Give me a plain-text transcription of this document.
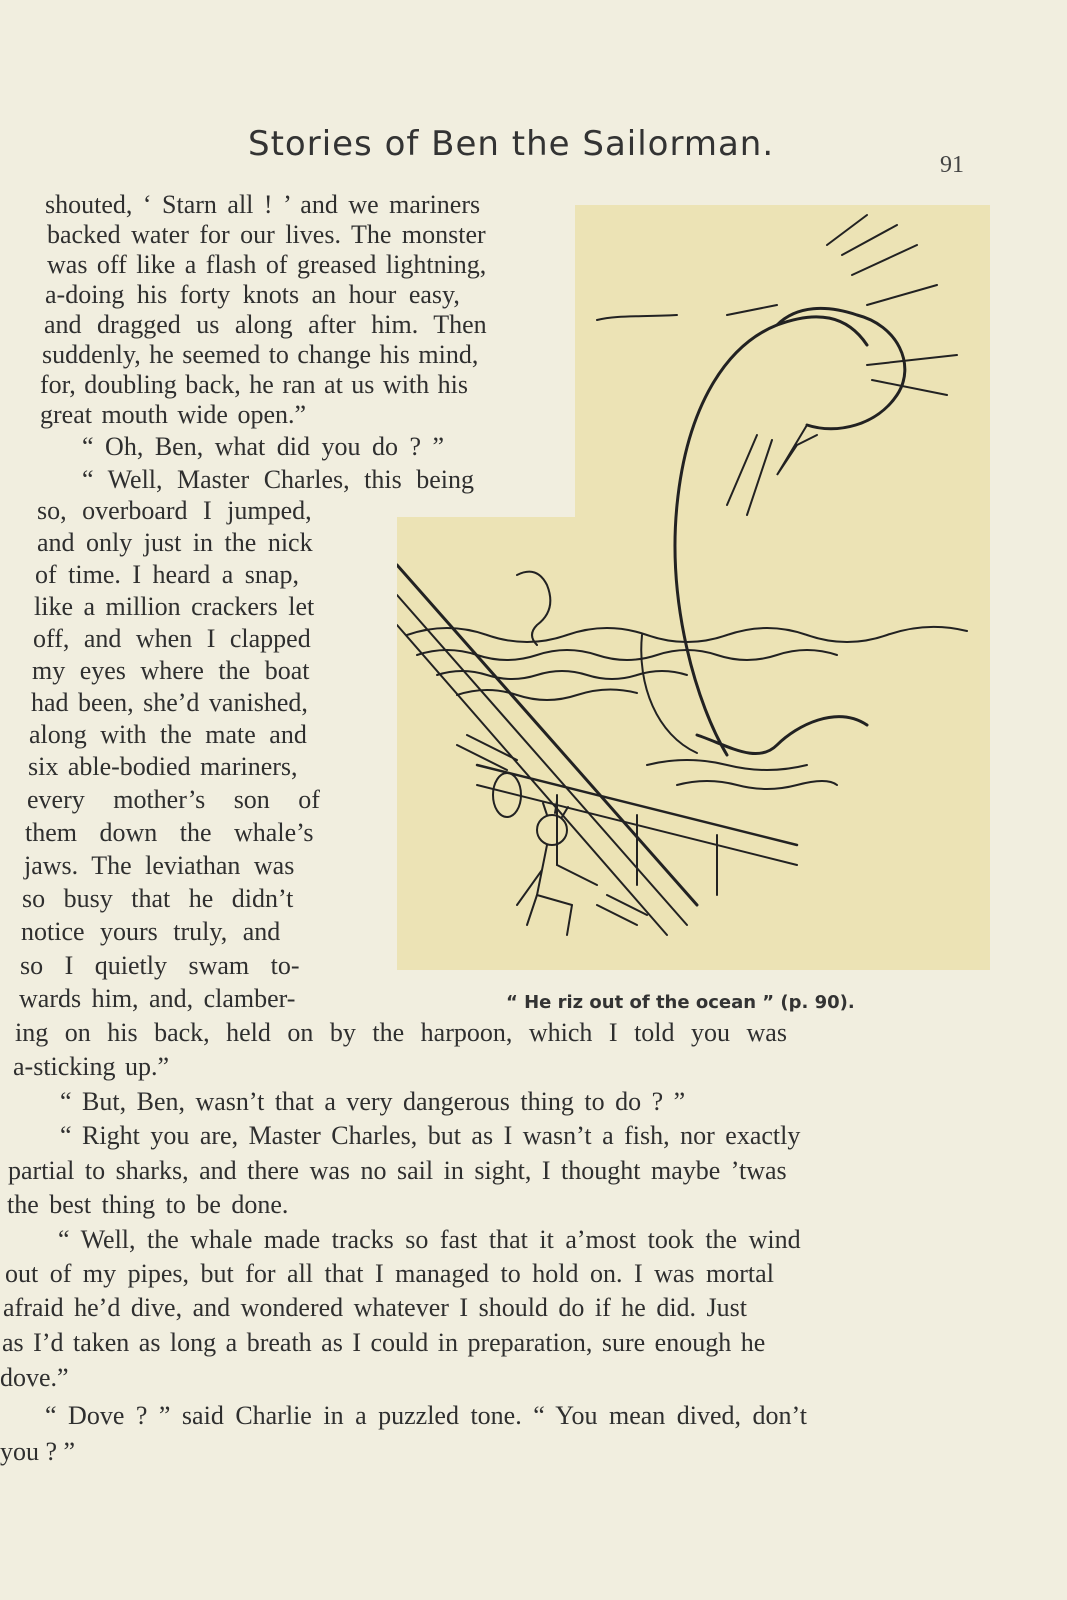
Stories of Ben the Sailorman.
91
“ He riz out of the ocean ” (p. 90).
shouted, ‘ Starn all ! ’ and we mariners
backed water for our lives. The monster
was off like a flash of greased lightning,
a-doing his forty knots an hour easy,
and dragged us along after him. Then
suddenly, he seemed to change his mind,
for, doubling back, he ran at us with his
great mouth wide open.”
“ Oh, Ben, what did you do ? ”
“ Well, Master Charles, this being
so, overboard I jumped,
and only just in the nick
of time. I heard a snap,
like a million crackers let
off, and when I clapped
my eyes where the boat
had been, she’d vanished,
along with the mate and
six able-bodied mariners,
every mother’s son of
them down the whale’s
jaws. The leviathan was
so busy that he didn’t
notice yours truly, and
so I quietly swam to-
wards him, and, clamber-
ing on his back, held on by the harpoon, which I told you was
a-sticking up.”
“ But, Ben, wasn’t that a very dangerous thing to do ? ”
“ Right you are, Master Charles, but as I wasn’t a fish, nor exactly
partial to sharks, and there was no sail in sight, I thought maybe ’twas
the best thing to be done.
“ Well, the whale made tracks so fast that it a’most took the wind
out of my pipes, but for all that I managed to hold on. I was mortal
afraid he’d dive, and wondered whatever I should do if he did. Just
as I’d taken as long a breath as I could in preparation, sure enough he
dove.”
“ Dove ? ” said Charlie in a puzzled tone. “ You mean dived, don’t
you ? ”
